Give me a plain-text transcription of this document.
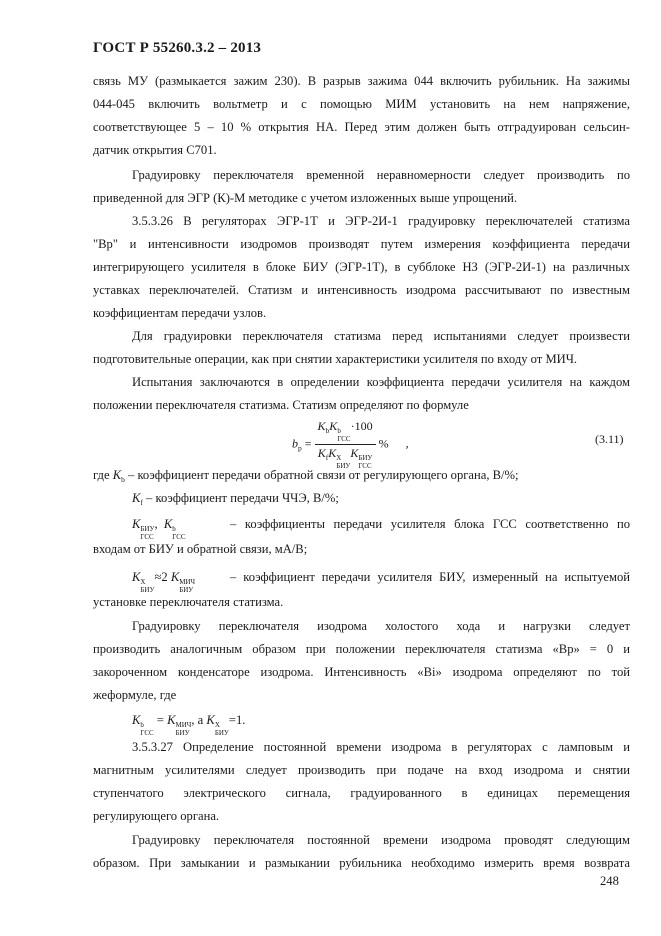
ГОСТ Р 55260.3.2 – 2013
связь МУ (размыкается зажим 230). В разрыв зажима 044 включить рубильник. На зажимы
044-045 включить вольтметр и с помощью МИМ установить на нем напряжение,
соответствующее 5 – 10 % открытия НА. Перед этим должен быть отградуирован сельсин-
датчик открытия С701.
Градуировку переключателя временной неравномерности следует производить по
приведенной для ЭГР (К)-М методике с учетом изложенных выше упрощений.
3.5.3.26 В регуляторах ЭГР-1Т и ЭГР-2И-1 градуировку переключателей статизма
"Вр" и интенсивности изодромов производят путем измерения коэффициента передачи
интегрирующего усилителя в блоке БИУ (ЭГР-1Т), в субблоке НЗ (ЭГР-2И-1) на различных
уставках переключателей. Статизм и интенсивность изодрома рассчитывают по известным
коэффициентам передачи узлов.
Для градуировки переключателя статизма перед испытаниями следует произвести
подготовительные операции, как при снятии характеристики усилителя по входу от МИЧ.
Испытания заключаются в определении коэффициента передачи усилителя на каждом
положении переключателя статизма. Статизм определяют по формуле
$b_р = K_bK$ b
ГСС
·100
$K_fK$ Х
БИУ
K БИУ
ГСС % ,	(3.11)
где $K_b$ – коэффициент передачи обратной связи от регулирующего органа, В/%;
$K_f$ – коэффициент передачи ЧЧЭ, В/%;
K БИУ
ГСС
,  K b
ГСС
– коэффициенты передачи усилителя блока ГСС соответственно по
входам от БИУ и обратной связи, мА/В;
K Х
БИУ
≈2 K МИЧ
БИУ
– коэффициент передачи усилителя БИУ, измеренный на испытуемой
установке переключателя статизма.
Градуировку переключателя изодрома холостого хода и нагрузки следует
производить аналогичным образом при положении переключателя статизма «Вр» = 0 и
закороченном конденсаторе изодрома. Интенсивность «Вi» изодрома определяют по той
жеформуле, где
K b
ГСС
= K МИЧ
БИУ
, а K Х
БИУ
=1.
3.5.3.27 Определение постоянной времени изодрома в регуляторах с ламповым и
магнитным усилителями следует производить при подаче на вход изодрома и снятии
ступенчатого электрического сигнала, градуированного в единицах перемещения
регулирующего органа.
Градуировку переключателя постоянной времени изодрома проводят следующим
образом. При замыкании и размыкании рубильника необходимо измерить время возврата
248
